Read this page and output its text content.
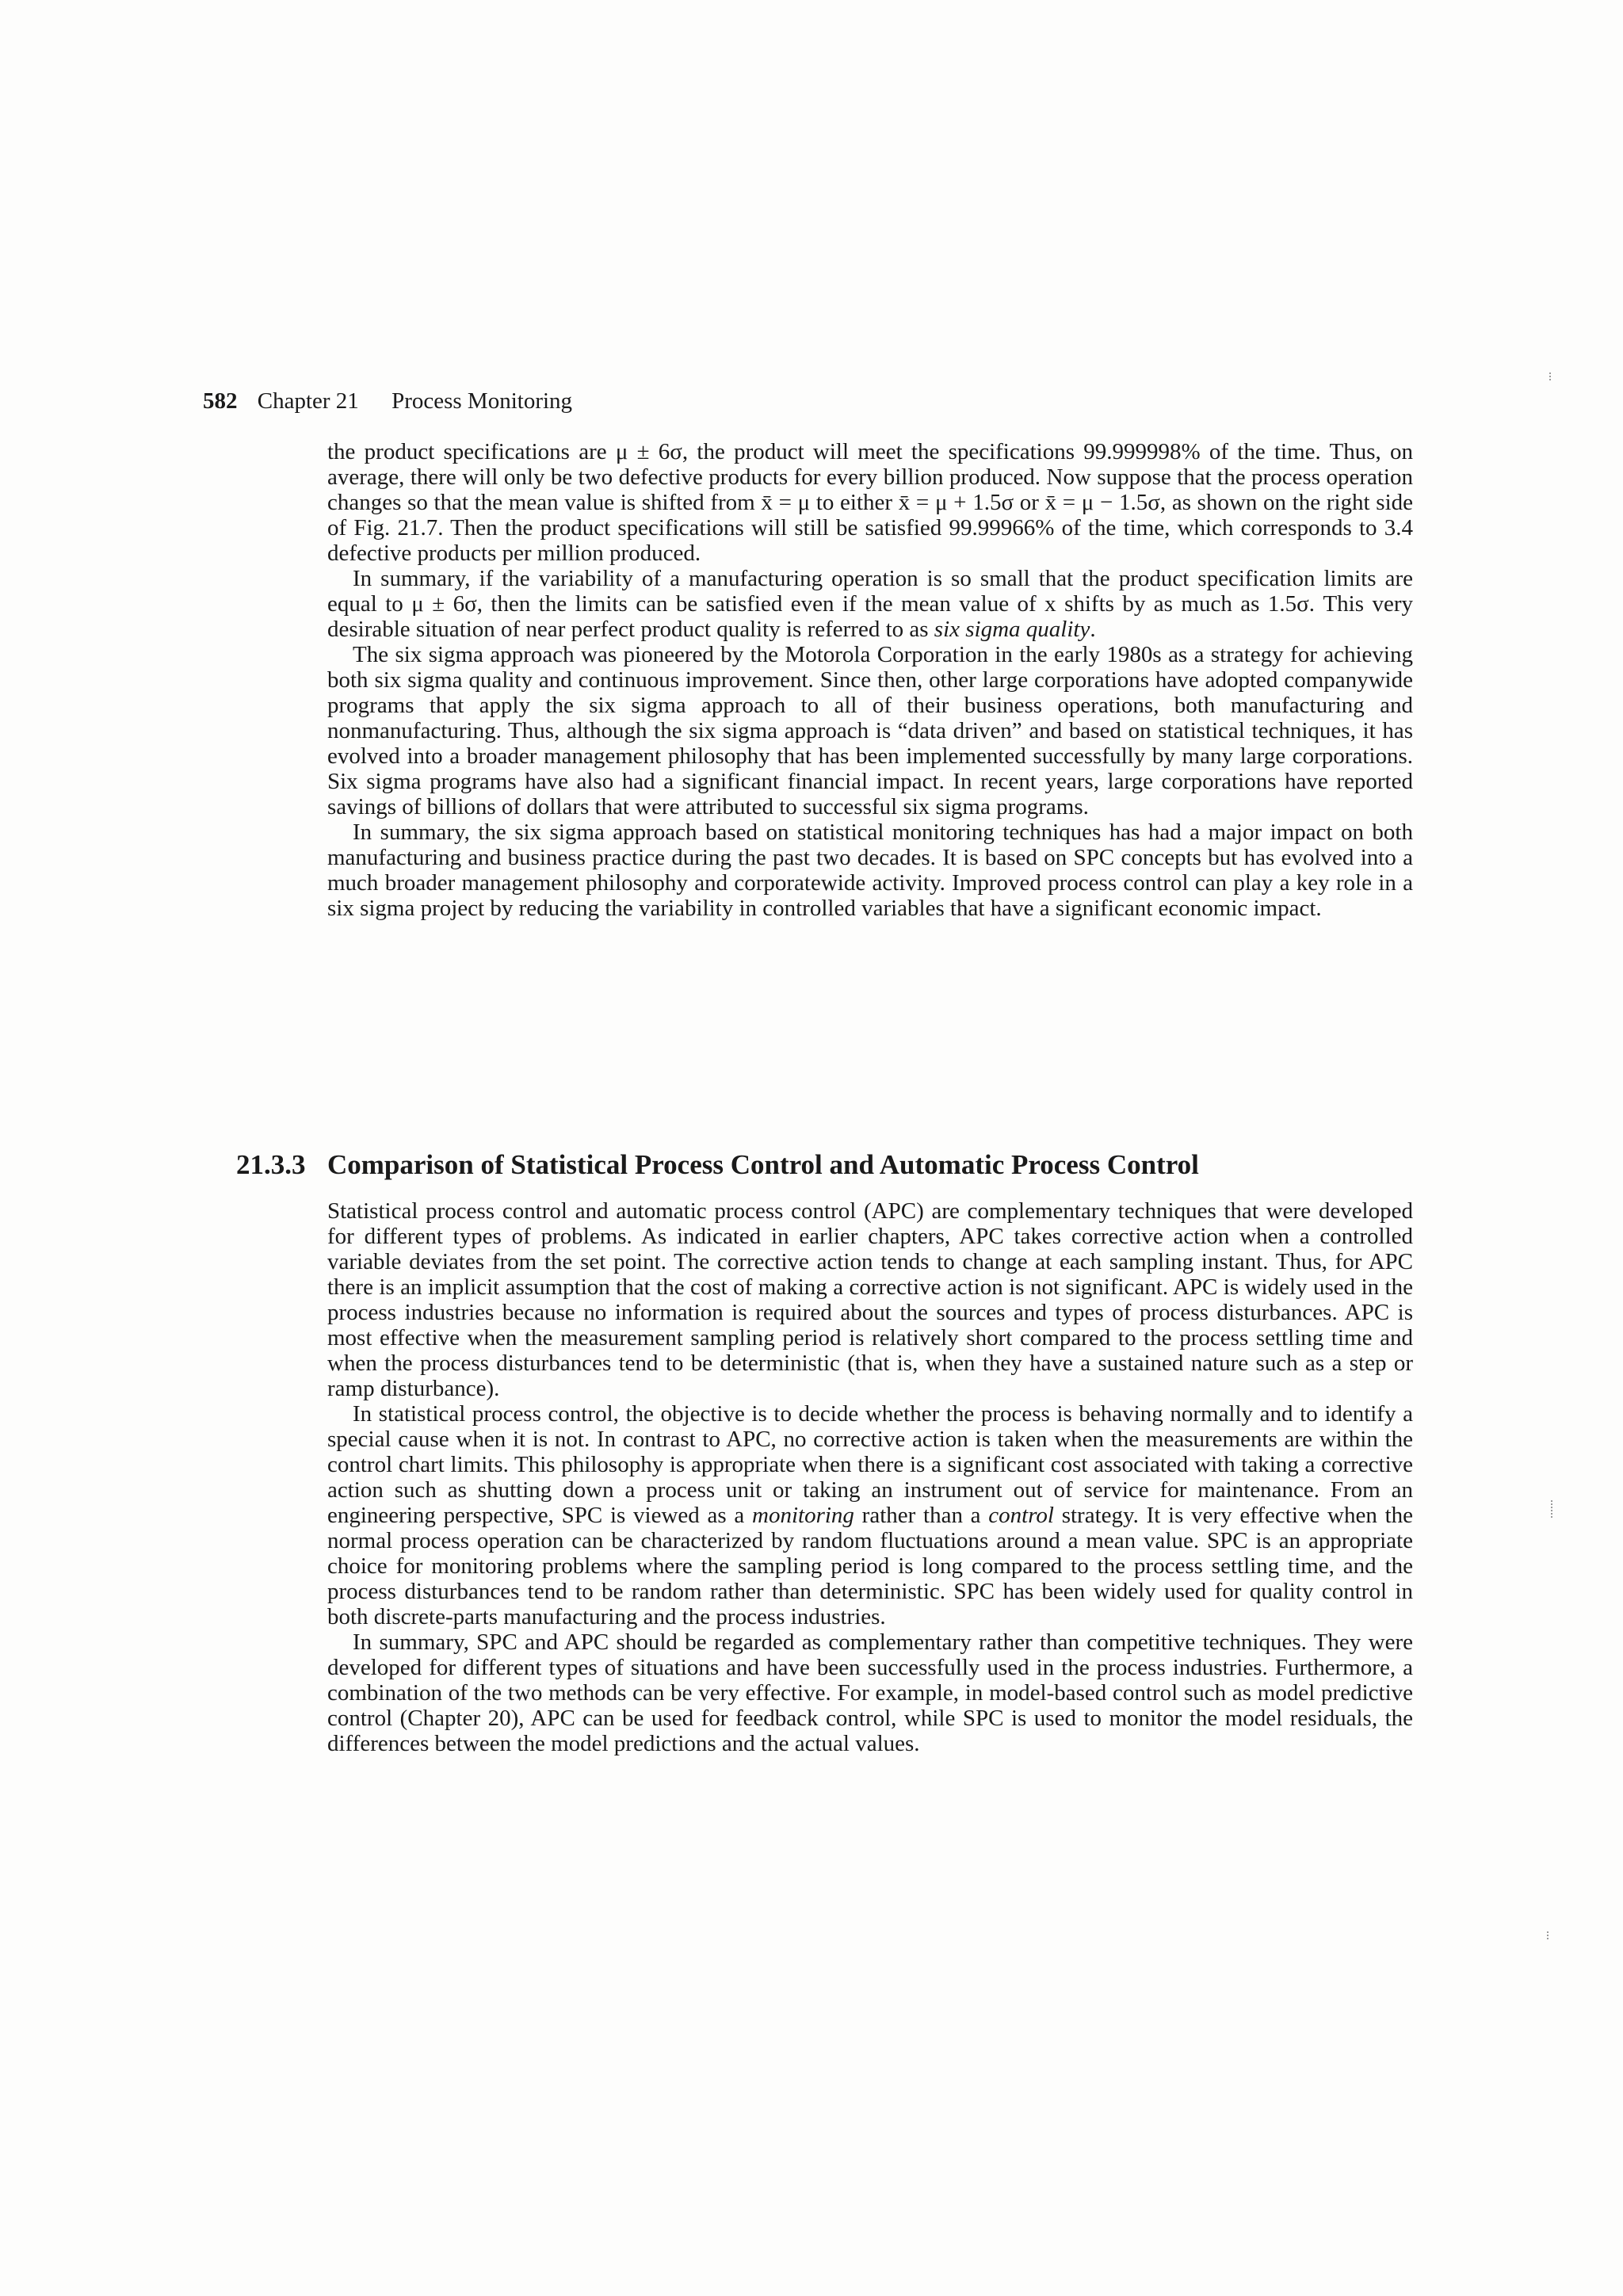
582 Chapter 21 Process Monitoring

the product specifications are μ ± 6σ, the product will meet the specifications 99.999998% of the time. Thus, on average, there will only be two defective products for every billion produced. Now suppose that the process operation changes so that the mean value is shifted from x̄ = μ to either x̄ = μ + 1.5σ or x̄ = μ − 1.5σ, as shown on the right side of Fig. 21.7. Then the product specifications will still be satisfied 99.99966% of the time, which corresponds to 3.4 defective products per million produced.

In summary, if the variability of a manufacturing operation is so small that the product specification limits are equal to μ ± 6σ, then the limits can be satisfied even if the mean value of x shifts by as much as 1.5σ. This very desirable situation of near perfect product quality is referred to as six sigma quality.

The six sigma approach was pioneered by the Motorola Corporation in the early 1980s as a strategy for achieving both six sigma quality and continuous improvement. Since then, other large corporations have adopted companywide programs that apply the six sigma approach to all of their business operations, both manufacturing and nonmanufacturing. Thus, although the six sigma approach is “data driven” and based on statistical techniques, it has evolved into a broader management philosophy that has been implemented successfully by many large corporations. Six sigma programs have also had a significant financial impact. In recent years, large corporations have reported savings of billions of dollars that were attributed to successful six sigma programs.

In summary, the six sigma approach based on statistical monitoring techniques has had a major impact on both manufacturing and business practice during the past two decades. It is based on SPC concepts but has evolved into a much broader management philosophy and corporatewide activity. Improved process control can play a key role in a six sigma project by reducing the variability in controlled variables that have a significant economic impact.

21.3.3 Comparison of Statistical Process Control and Automatic Process Control

Statistical process control and automatic process control (APC) are complementary techniques that were developed for different types of problems. As indicated in earlier chapters, APC takes corrective action when a controlled variable deviates from the set point. The corrective action tends to change at each sampling instant. Thus, for APC there is an implicit assumption that the cost of making a corrective action is not significant. APC is widely used in the process industries because no information is required about the sources and types of process disturbances. APC is most effective when the measurement sampling period is relatively short compared to the process settling time and when the process disturbances tend to be deterministic (that is, when they have a sustained nature such as a step or ramp disturbance).

In statistical process control, the objective is to decide whether the process is behaving normally and to identify a special cause when it is not. In contrast to APC, no corrective action is taken when the measurements are within the control chart limits. This philosophy is appropriate when there is a significant cost associated with taking a corrective action such as shutting down a process unit or taking an instrument out of service for maintenance. From an engineering perspective, SPC is viewed as a monitoring rather than a control strategy. It is very effective when the normal process operation can be characterized by random fluctuations around a mean value. SPC is an appropriate choice for monitoring problems where the sampling period is long compared to the process settling time, and the process disturbances tend to be random rather than deterministic. SPC has been widely used for quality control in both discrete-parts manufacturing and the process industries.

In summary, SPC and APC should be regarded as complementary rather than competitive techniques. They were developed for different types of situations and have been successfully used in the process industries. Furthermore, a combination of the two methods can be very effective. For example, in model-based control such as model predictive control (Chapter 20), APC can be used for feedback control, while SPC is used to monitor the model residuals, the differences between the model predictions and the actual values.
